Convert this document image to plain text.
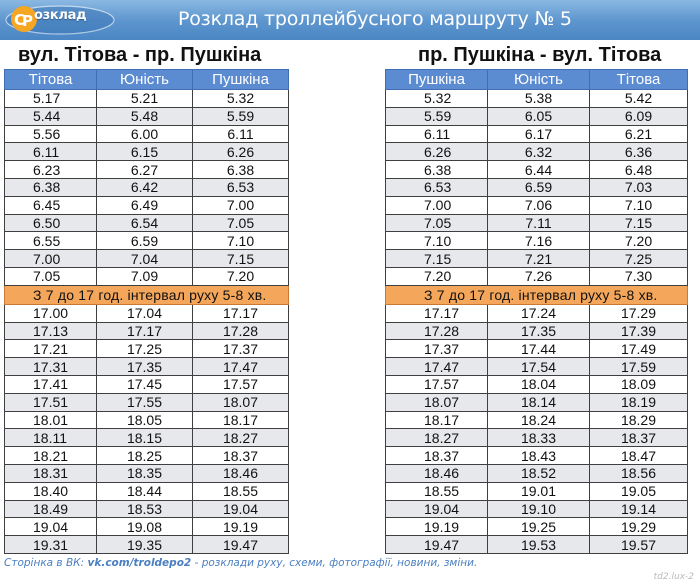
C
P озклад	Розклад троллейбусного маршруту № 5
вул. Тітова - пр. Пушкіна	пр. Пушкіна - вул. Тітова
Тітова	Юність	Пушкіна
5.17	5.21	5.32
5.44	5.48	5.59
5.56	6.00	6.11
6.11	6.15	6.26
6.23	6.27	6.38
6.38	6.42	6.53
6.45	6.49	7.00
6.50	6.54	7.05
6.55	6.59	7.10
7.00	7.04	7.15
7.05	7.09	7.20
З 7 до 17 год. інтервал руху 5-8 хв.		
17.00	17.04	17.17
17.13	17.17	17.28
17.21	17.25	17.37
17.31	17.35	17.47
17.41	17.45	17.57
17.51	17.55	18.07
18.01	18.05	18.17
18.11	18.15	18.27
18.21	18.25	18.37
18.31	18.35	18.46
18.40	18.44	18.55
18.49	18.53	19.04
19.04	19.08	19.19
19.31	19.35	19.47
Пушкіна	Юність	Тітова
5.32	5.38	5.42
5.59	6.05	6.09
6.11	6.17	6.21
6.26	6.32	6.36
6.38	6.44	6.48
6.53	6.59	7.03
7.00	7.06	7.10
7.05	7.11	7.15
7.10	7.16	7.20
7.15	7.21	7.25
7.20	7.26	7.30
З 7 до 17 год. інтервал руху 5-8 хв.		
17.17	17.24	17.29
17.28	17.35	17.39
17.37	17.44	17.49
17.47	17.54	17.59
17.57	18.04	18.09
18.07	18.14	18.19
18.17	18.24	18.29
18.27	18.33	18.37
18.37	18.43	18.47
18.46	18.52	18.56
18.55	19.01	19.05
19.04	19.10	19.14
19.19	19.25	19.29
19.47	19.53	19.57
Сторінка в ВК: vk.com/troldepo2 - розклади руху, схеми, фотографії, новини, зміни.
td2.lux-2
